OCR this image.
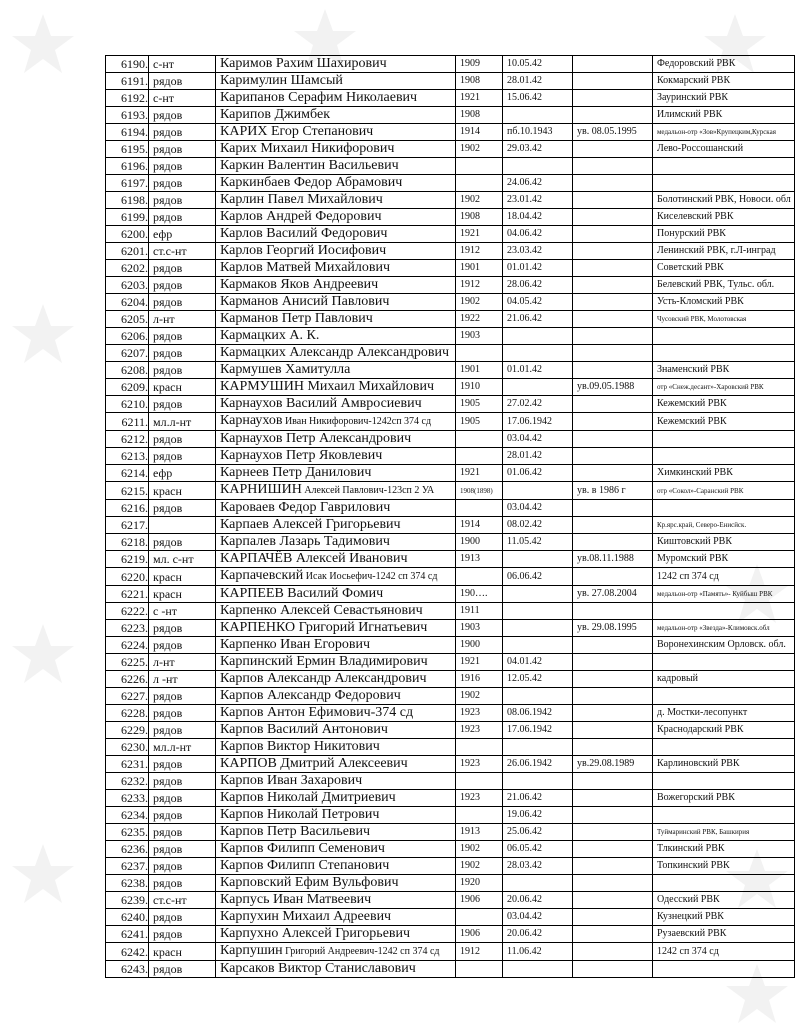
6190.	с-нт	Каримов Рахим Шахирович	1909	10.05.42		Федоровский РВК
6191.	рядов	Каримулин Шамсый	1908	28.01.42		Кокмарский РВК
6192.	с-нт	Карипанов Серафим Николаевич	1921	15.06.42		Зауринский РВК
6193.	рядов	Карипов Джимбек	1908			Илимский РВК
6194.	рядов	КАРИХ Егор Степанович	1914	пб.10.1943	ув. 08.05.1995	медальон-отр «Зов»Крупецким,Курская
6195.	рядов	Карих Михаил Никифорович	1902	29.03.42		Лево-Россошанский
6196.	рядов	Каркин Валентин Васильевич				
6197.	рядов	Каркинбаев Федор Абрамович		24.06.42		
6198.	рядов	Карлин Павел Михайлович	1902	23.01.42		Болотинский РВК, Новоси. обл
6199.	рядов	Карлов Андрей Федорович	1908	18.04.42		Киселевский РВК
6200.	ефр	Карлов Василий Федорович	1921	04.06.42		Понурский РВК
6201.	ст.с-нт	Карлов Георгий Иосифович	1912	23.03.42		Ленинский РВК, г.Л-инград
6202.	рядов	Карлов Матвей Михайлович	1901	01.01.42		Советский РВК
6203.	рядов	Кармаков Яков Андреевич	1912	28.06.42		Белевский РВК, Тульс. обл.
6204.	рядов	Карманов Анисий Павлович	1902	04.05.42		Усть-Кломский РВК
6205.	л-нт	Карманов Петр Павлович	1922	21.06.42		Чусовский РВК, Молотовская
6206.	рядов	Кармацких А. К.	1903			
6207.	рядов	Кармацких Александр Александрович				
6208.	рядов	Кармушев Хамитулла	1901	01.01.42		Знаменский РВК
6209.	красн	КАРМУШИН Михаил Михайлович	1910		ув.09.05.1988	отр «Снеж.десант»-Харовский РВК
6210.	рядов	Карнаухов Василий Амвросиевич	1905	27.02.42		Кежемский РВК
6211.	мл.л-нт	Карнаухов Иван Никифорович-1242сп 374 сд	1905	17.06.1942		Кежемский РВК
6212.	рядов	Карнаухов Петр Александрович		03.04.42		
6213.	рядов	Карнаухов Петр Яковлевич		28.01.42		
6214.	ефр	Карнеев Петр Данилович	1921	01.06.42		Химкинский РВК
6215.	красн	КАРНИШИН Алексей Павлович-123сп 2 УА	1908(1898)		ув. в 1986 г	отр «Сокол»-Саранский РВК
6216.	рядов	Кароваев Федор Гаврилович		03.04.42		
6217.		Карпаев Алексей Григорьевич	1914	08.02.42		Кр.ярс.край, Северо-Енисйск.
6218.	рядов	Карпалев Лазарь Тадимович	1900	11.05.42		Киштовский РВК
6219.	мл. с-нт	КАРПАЧЁВ Алексей Иванович	1913		ув.08.11.1988	Муромский РВК
6220.	красн	Карпачевский Исак Иосьефич-1242 сп 374 сд		06.06.42		1242 сп 374 сд
6221.	красн	КАРПЕЕВ Василий Фомич	190….		ув. 27.08.2004	медальон-отр «Память»- Куйбыш РВК
6222.	с -нт	Карпенко Алексей Севастьянович	1911			
6223.	рядов	КАРПЕНКО Григорий Игнатьевич	1903		ув. 29.08.1995	медальон-отр «Звезда»-Климовск.обл
6224.	рядов	Карпенко Иван Егорович	1900			Воронехинским Орловск. обл.
6225.	л-нт	Карпинский Ермин Владимирович	1921	04.01.42		
6226.	л -нт	Карпов Александр Александрович	1916	12.05.42		кадровый
6227.	рядов	Карпов Александр Федорович	1902			
6228.	рядов	Карпов Антон Ефимович-374 сд	1923	08.06.1942		д. Мостки-лесопункт
6229.	рядов	Карпов Василий Антонович	1923	17.06.1942		Краснодарский РВК
6230.	мл.л-нт	Карпов Виктор Никитович				
6231.	рядов	КАРПОВ Дмитрий Алексеевич	1923	26.06.1942	ув.29.08.1989	Карлиновский РВК
6232.	рядов	Карпов Иван Захарович				
6233.	рядов	Карпов Николай Дмитриевич	1923	21.06.42		Вожегорский РВК
6234.	рядов	Карпов Николай Петрович		19.06.42		
6235.	рядов	Карпов Петр Васильевич	1913	25.06.42		Туймаринский РВК, Башкирия
6236.	рядов	Карпов Филипп Семенович	1902	06.05.42		Тлкинский РВК
6237.	рядов	Карпов Филипп Степанович	1902	28.03.42		Топкинский РВК
6238.	рядов	Карповский Ефим Вульфович	1920			
6239.	ст.с-нт	Карпусь Иван Матвеевич	1906	20.06.42		Одесский РВК
6240.	рядов	Карпухин Михаил Адреевич		03.04.42		Кузнецкий РВК
6241.	рядов	Карпухно Алексей Григорьевич	1906	20.06.42		Рузаевский РВК
6242.	красн	Карпушин Григорий Андреевич-1242 сп 374 сд	1912	11.06.42		1242 сп 374 сд
6243.	рядов	Карсаков Виктор Станиславович				
